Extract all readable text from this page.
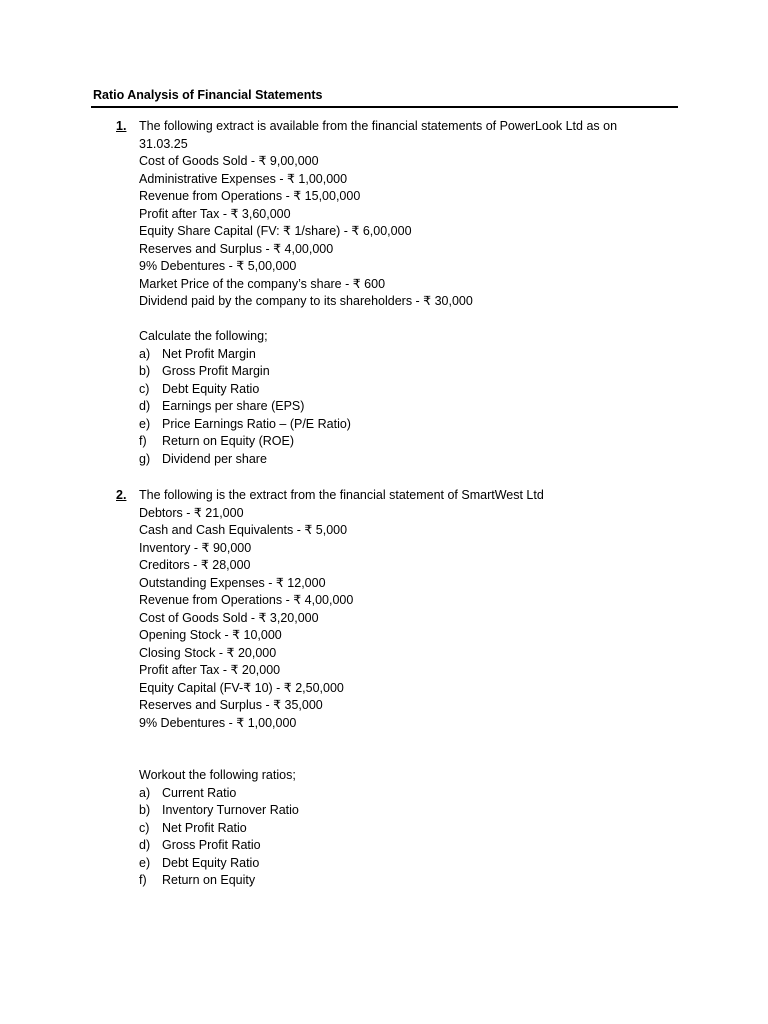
Ratio Analysis of Financial Statements
1. The following extract is available from the financial statements of PowerLook Ltd as on 31.03.25
Cost of Goods Sold - ₹ 9,00,000
Administrative Expenses - ₹ 1,00,000
Revenue from Operations - ₹ 15,00,000
Profit after Tax - ₹ 3,60,000
Equity Share Capital (FV: ₹ 1/share) - ₹ 6,00,000
Reserves and Surplus - ₹ 4,00,000
9% Debentures - ₹ 5,00,000
Market Price of the company’s share - ₹ 600
Dividend paid by the company to its shareholders - ₹ 30,000
Calculate the following;
a) Net Profit Margin
b) Gross Profit Margin
c)	Debt Equity Ratio
d) Earnings per share (EPS)
e) Price Earnings Ratio – (P/E Ratio)
f)	Return on Equity (ROE)
g) Dividend per share
2. The following is the extract from the financial statement of SmartWest Ltd
Debtors - ₹ 21,000
Cash and Cash Equivalents - ₹ 5,000
Inventory - ₹ 90,000
Creditors - ₹ 28,000
Outstanding Expenses - ₹ 12,000
Revenue from Operations - ₹ 4,00,000
Cost of Goods Sold - ₹ 3,20,000
Opening Stock - ₹ 10,000
Closing Stock - ₹ 20,000
Profit after Tax - ₹ 20,000
Equity Capital (FV-₹ 10) - ₹ 2,50,000
Reserves and Surplus - ₹ 35,000
9% Debentures - ₹ 1,00,000
Workout the following ratios;
a) Current Ratio
b) Inventory Turnover Ratio
c)	Net Profit Ratio
d) Gross Profit Ratio
e) Debt Equity Ratio
f)	Return on Equity
